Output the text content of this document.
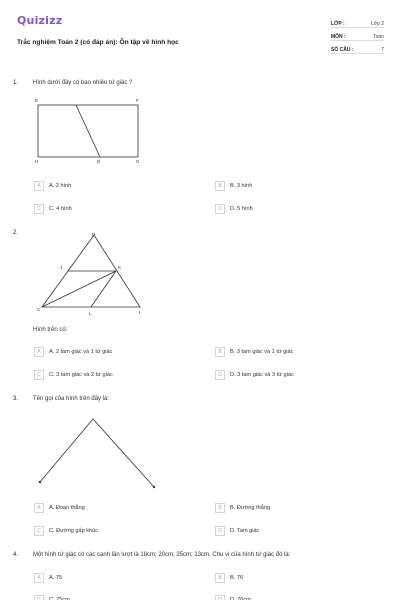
Quizizz
Trắc nghiệm Toán 2 (có đáp án): Ôn tập về hình học
LỚP :	Lớp 2
MÔN :	Toán
SỐ CÂU :	7
1. Hình dưới đây có bao nhiêu tứ giác ?
E	F
H	B	G
A	A. 2 hình	B	B. 3 hình
C	C. 4 hình	D	D. 5 hình
2.	D
J	K
C
L	I
Hình trên có:
A	A. 2 tam giác và 1 tứ giác	B	B. 3 tam giác và 1 tứ giác
C	C. 3 tam giác và 2 tứ giác	D	D. 3 tam giác và 3 tứ giác
3. Tên gọi của hình trên đây là:
A	A. Đoạn thẳng	B	B. Đường thẳng
C	C. Đường gấp khúc	D	D. Tam giác
4. Một hình tứ giác có các cạnh lần lượt là 18cm; 20cm; 25cm; 13cm. Chu vi của hình tứ giác đó là:
A	A. 75	B	B. 76
C	C. 75cm	D	D. 76cm
